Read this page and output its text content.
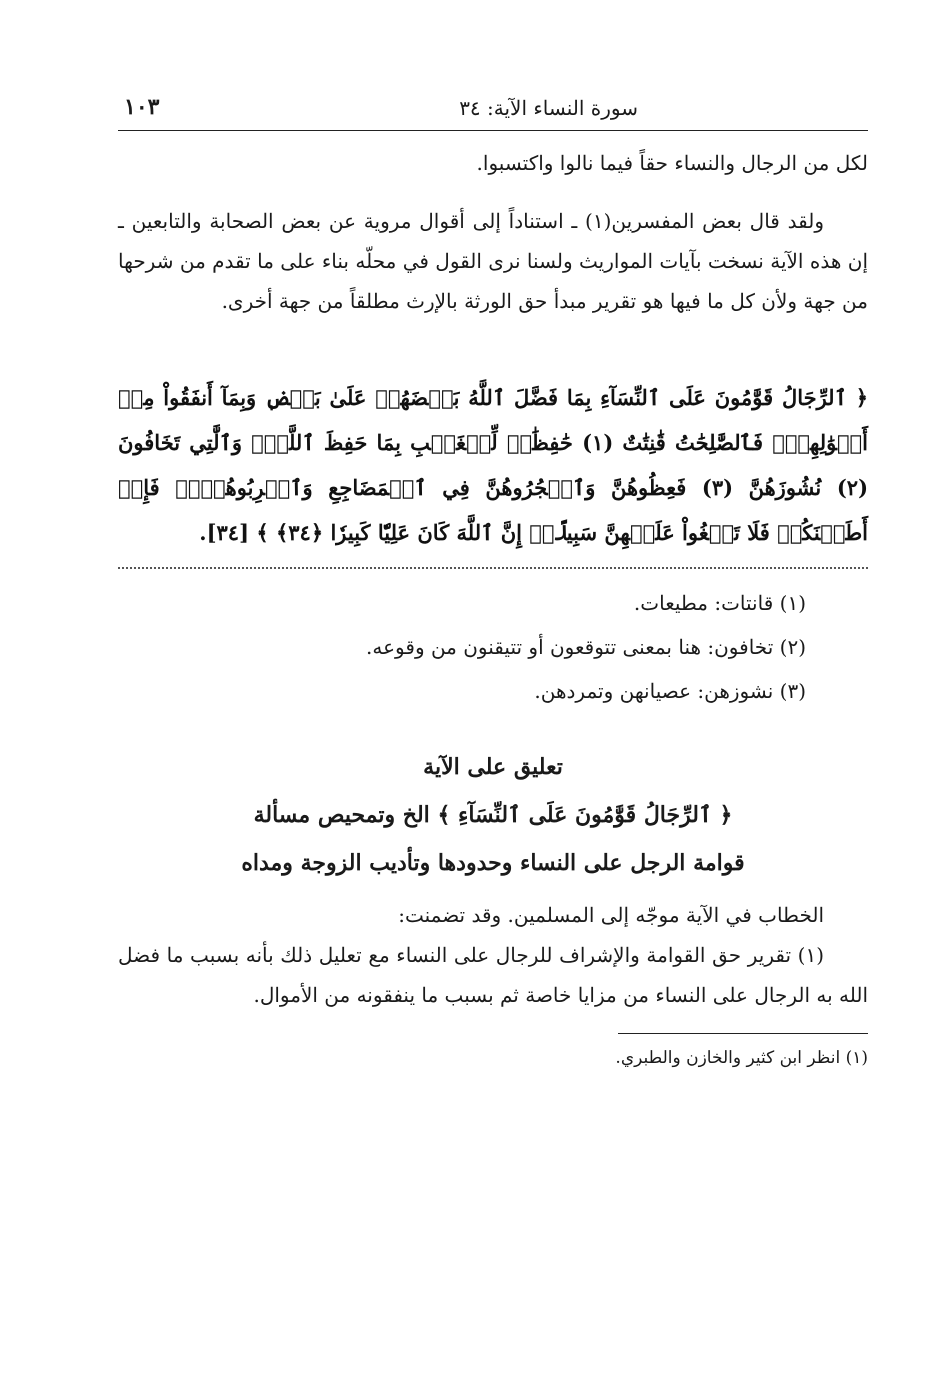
سورة النساء الآية: ٣٤
١٠٣

لكل من الرجال والنساء حقاً فيما نالوا واكتسبوا.

ولقد قال بعض المفسرين(١) ـ استناداً إلى أقوال مروية عن بعض الصحابة والتابعين ـ إن هذه الآية نسخت بآيات المواريث ولسنا نرى القول في محلّه بناء على ما تقدم من شرحها من جهة ولأن كل ما فيها هو تقرير مبدأ حق الورثة بالإرث مطلقاً من جهة أخرى.

﴿ ٱلرِّجَالُ قَوَّٰمُونَ عَلَى ٱلنِّسَآءِ بِمَا فَضَّلَ ٱللَّهُ بَعۡضَهُمۡ عَلَىٰ بَعۡضٖ وَبِمَآ أَنفَقُواْ مِنۡ أَمۡوَٰلِهِمۡۚ فَٱلصَّٰلِحَٰتُ قَٰنِتَٰتٌ (١) حَٰفِظَٰتٞ لِّلۡغَيۡبِ بِمَا حَفِظَ ٱللَّهُۚ وَٱلَّٰتِي تَخَافُونَ (٢) نُشُوزَهُنَّ (٣) فَعِظُوهُنَّ وَٱهۡجُرُوهُنَّ فِي ٱلۡمَضَاجِعِ وَٱضۡرِبُوهُنَّۖ فَإِنۡ أَطَعۡنَكُمۡ فَلَا تَبۡغُواْ عَلَيۡهِنَّ سَبِيلًاۗ إِنَّ ٱللَّهَ كَانَ عَلِيّٗا كَبِيرٗا ﴿٣٤﴾ ﴾ [٣٤].

(١) قانتات: مطيعات.

(٢) تخافون: هنا بمعنى تتوقعون أو تتيقنون من وقوعه.

(٣) نشوزهن: عصيانهن وتمردهن.

تعليق على الآية

﴿ ٱلرِّجَالُ قَوَّٰمُونَ عَلَى ٱلنِّسَآءِ ﴾ الخ وتمحيص مسألة

قوامة الرجل على النساء وحدودها وتأديب الزوجة ومداه

الخطاب في الآية موجّه إلى المسلمين. وقد تضمنت:

(١) تقرير حق القوامة والإشراف للرجال على النساء مع تعليل ذلك بأنه بسبب ما فضل الله به الرجال على النساء من مزايا خاصة ثم بسبب ما ينفقونه من الأموال.

(١) انظر ابن كثير والخازن والطبري.
